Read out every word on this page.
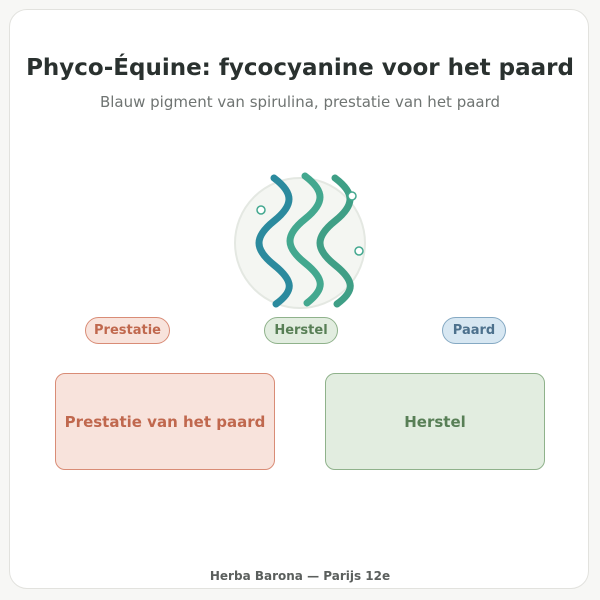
Phyco-Équine: fycocyanine voor het paard

Blauw pigment van spirulina, prestatie van het paard

Prestatie	Herstel	Paard
Prestatie van het paard	Herstel
Herba Barona — Parijs 12e
